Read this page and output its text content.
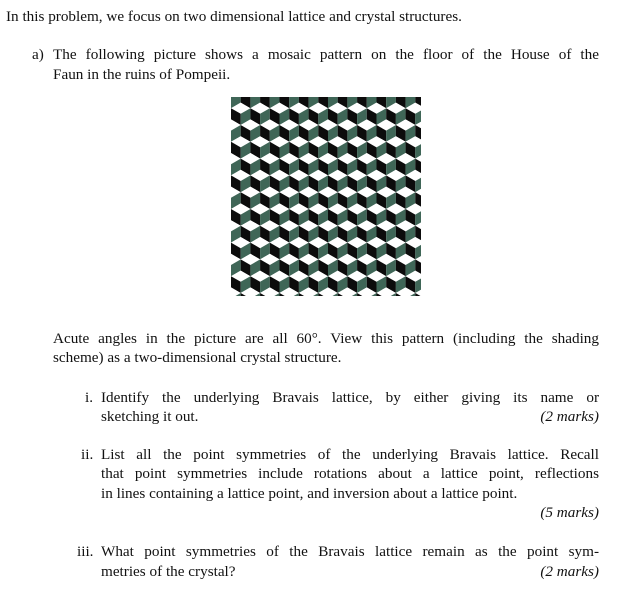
In this problem, we focus on two dimensional lattice and crystal structures.
a) The following picture shows a mosaic pattern on the floor of the House of the
Faun in the ruins of Pompeii.
Acute angles in the picture are all 60°. View this pattern (including the shading
scheme) as a two-dimensional crystal structure.
i. Identify the underlying Bravais lattice, by either giving its name or
sketching it out.	(2 marks)
ii. List all the point symmetries of the underlying Bravais lattice. Recall
that point symmetries include rotations about a lattice point, reflections
in lines containing a lattice point, and inversion about a lattice point.
(5 marks)
iii. What point symmetries of the Bravais lattice remain as the point sym-
metries of the crystal?	(2 marks)
